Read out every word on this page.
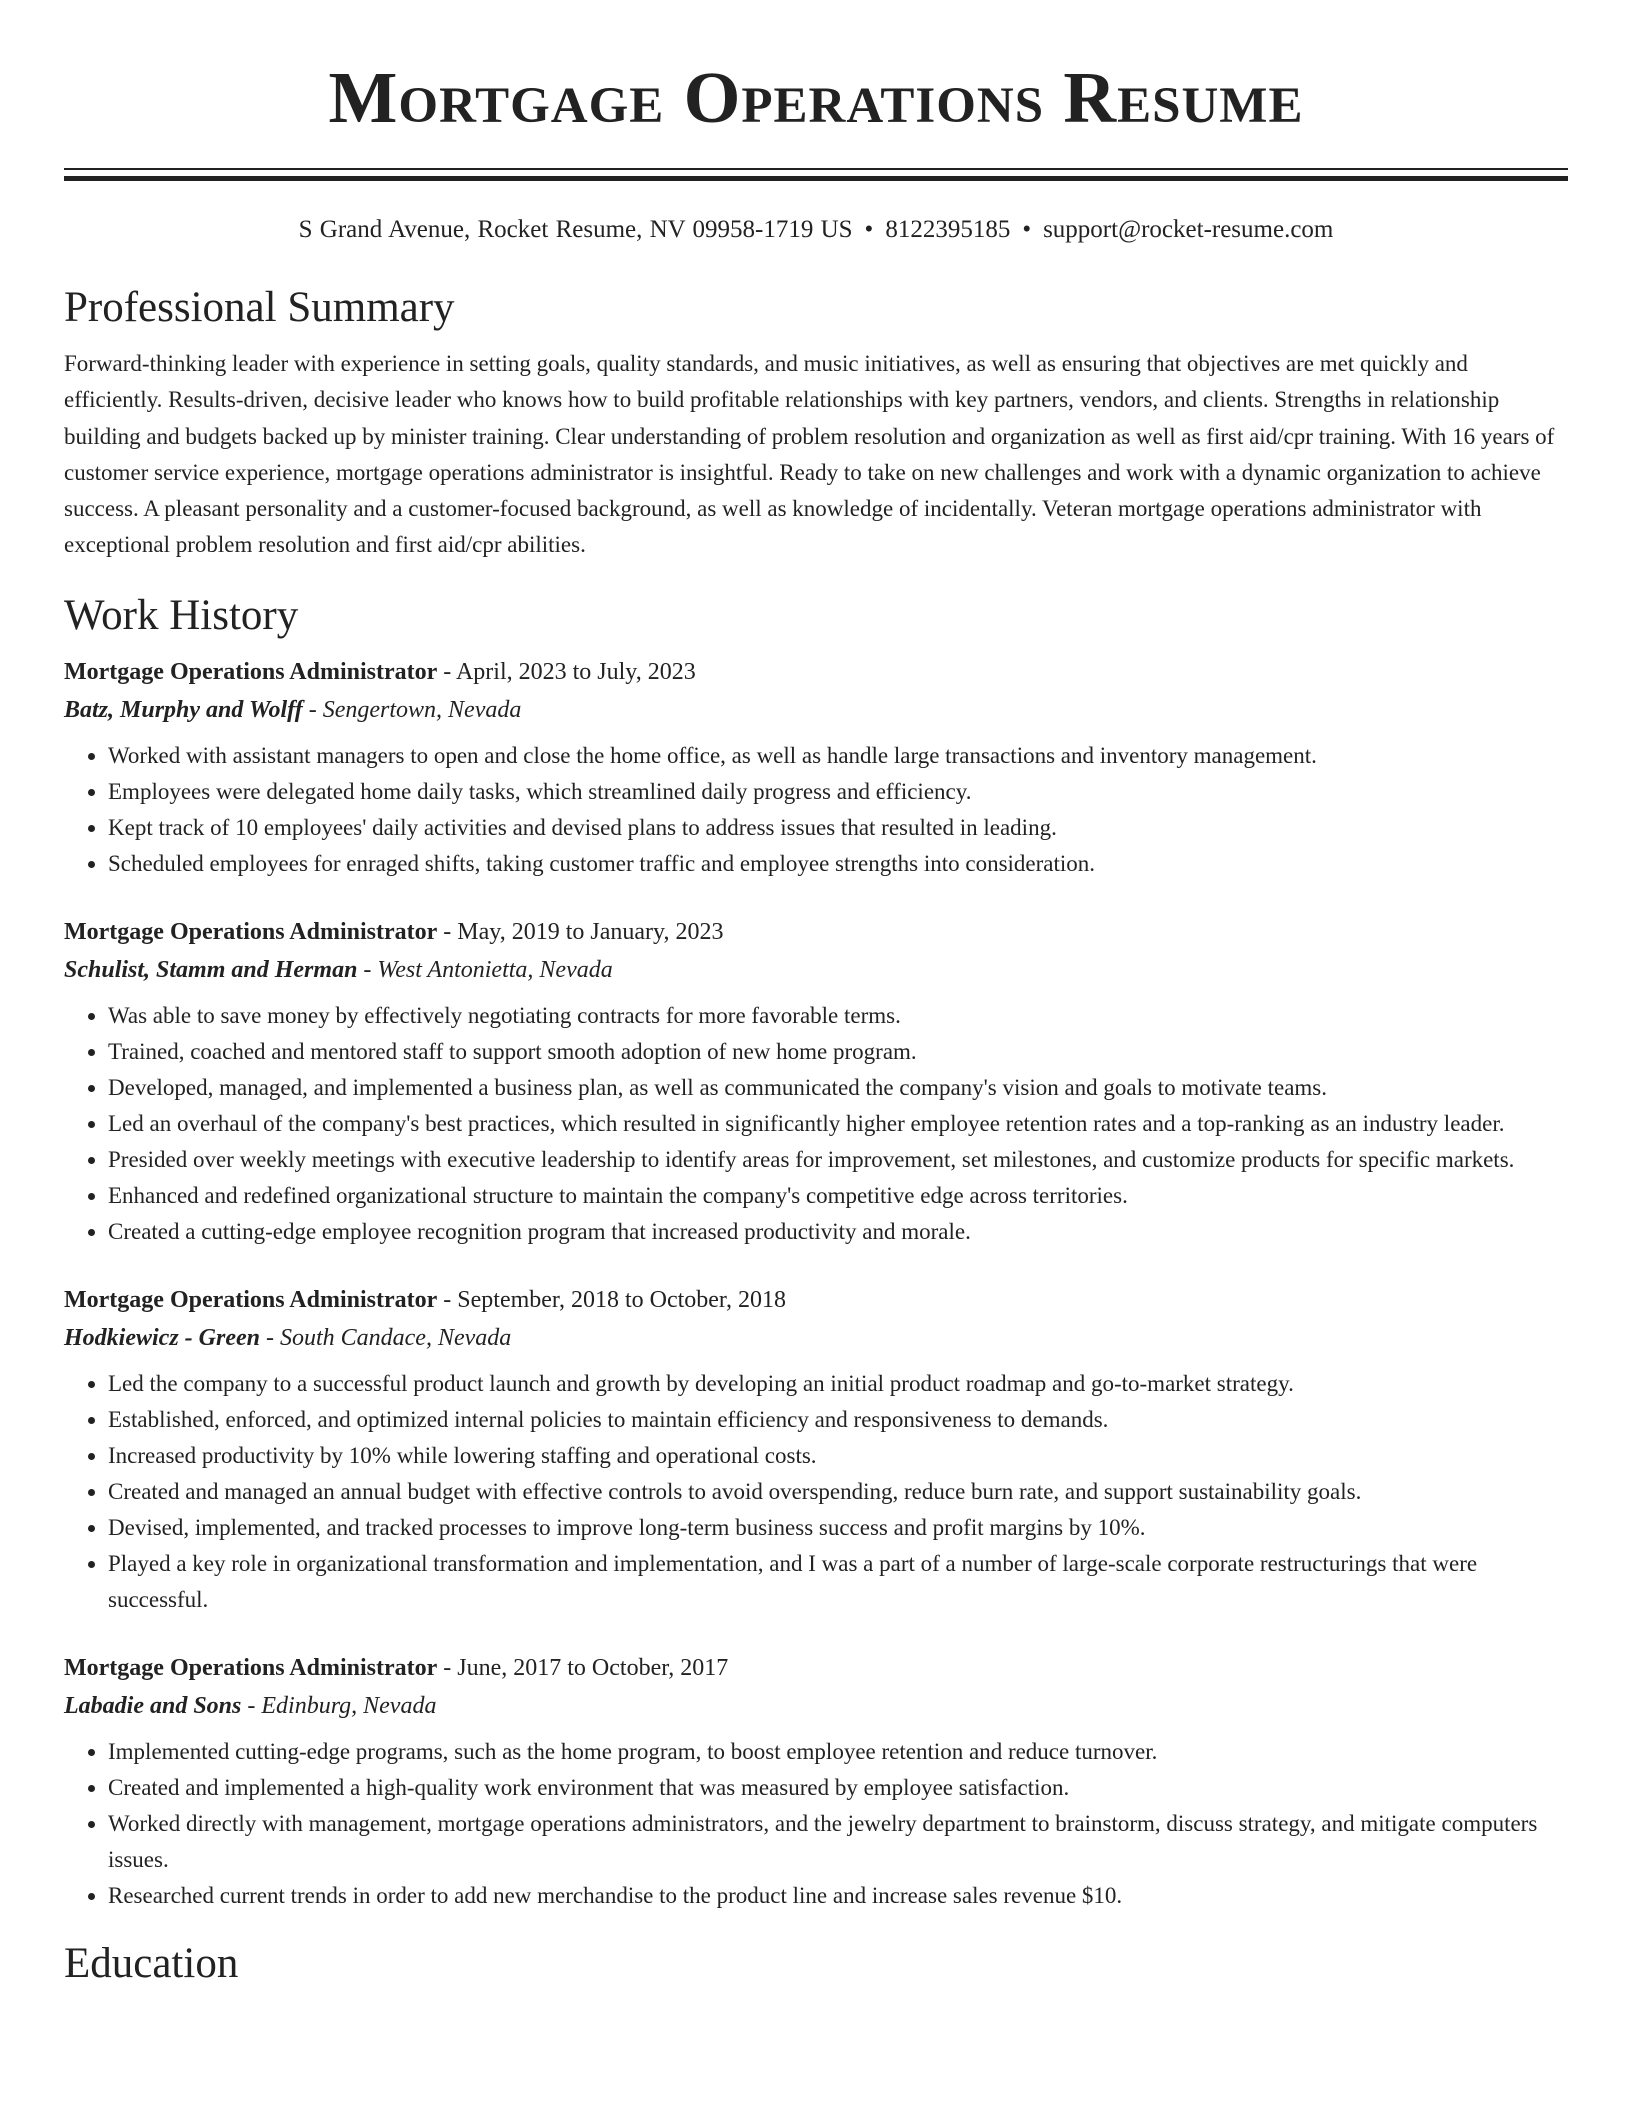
Mortgage Operations Resume
S Grand Avenue, Rocket Resume, NV 09958-1719 US • 8122395185 • support@rocket-resume.com
Professional Summary

Forward-thinking leader with experience in setting goals, quality standards, and music initiatives, as well as ensuring that objectives are met quickly and efficiently. Results-driven, decisive leader who knows how to build profitable relationships with key partners, vendors, and clients. Strengths in relationship building and budgets backed up by minister training. Clear understanding of problem resolution and organization as well as first aid/cpr training. With 16 years of customer service experience, mortgage operations administrator is insightful. Ready to take on new challenges and work with a dynamic organization to achieve success. A pleasant personality and a customer-focused background, as well as knowledge of incidentally. Veteran mortgage operations administrator with exceptional problem resolution and first aid/cpr abilities.

Work History
Mortgage Operations Administrator - April, 2023 to July, 2023
Batz, Murphy and Wolff - Sengertown, Nevada
• Worked with assistant managers to open and close the home office, as well as handle large transactions and inventory management.
• Employees were delegated home daily tasks, which streamlined daily progress and efficiency.
• Kept track of 10 employees' daily activities and devised plans to address issues that resulted in leading.
• Scheduled employees for enraged shifts, taking customer traffic and employee strengths into consideration.
Mortgage Operations Administrator - May, 2019 to January, 2023
Schulist, Stamm and Herman - West Antonietta, Nevada
• Was able to save money by effectively negotiating contracts for more favorable terms.
• Trained, coached and mentored staff to support smooth adoption of new home program.
• Developed, managed, and implemented a business plan, as well as communicated the company's vision and goals to motivate teams.
• Led an overhaul of the company's best practices, which resulted in significantly higher employee retention rates and a top-ranking as an industry leader.
• Presided over weekly meetings with executive leadership to identify areas for improvement, set milestones, and customize products for specific markets.
• Enhanced and redefined organizational structure to maintain the company's competitive edge across territories.
• Created a cutting-edge employee recognition program that increased productivity and morale.
Mortgage Operations Administrator - September, 2018 to October, 2018
Hodkiewicz - Green - South Candace, Nevada
• Led the company to a successful product launch and growth by developing an initial product roadmap and go-to-market strategy.
• Established, enforced, and optimized internal policies to maintain efficiency and responsiveness to demands.
• Increased productivity by 10% while lowering staffing and operational costs.
• Created and managed an annual budget with effective controls to avoid overspending, reduce burn rate, and support sustainability goals.
• Devised, implemented, and tracked processes to improve long-term business success and profit margins by 10%.
• Played a key role in organizational transformation and implementation, and I was a part of a number of large-scale corporate restructurings that were successful.
Mortgage Operations Administrator - June, 2017 to October, 2017
Labadie and Sons - Edinburg, Nevada
• Implemented cutting-edge programs, such as the home program, to boost employee retention and reduce turnover.
• Created and implemented a high-quality work environment that was measured by employee satisfaction.
• Worked directly with management, mortgage operations administrators, and the jewelry department to brainstorm, discuss strategy, and mitigate computers issues.
• Researched current trends in order to add new merchandise to the product line and increase sales revenue $10.
Education
